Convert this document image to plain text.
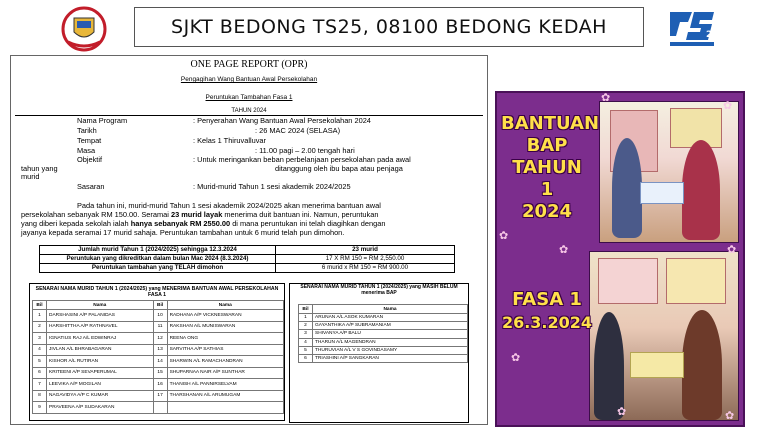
SJKT BEDONG TS25, 08100 BEDONG KEDAH	25
ONE PAGE REPORT (OPR)
Pengagihan Wang Bantuan Awal Persekolahan
Peruntukan Tambahan Fasa 1
TAHUN 2024
Nama Program	: Penyerahan Wang Bantuan Awal Persekolahan 2024
Tarikh	: 26 MAC 2024 (SELASA)
Tempat	: Kelas 1 Thiruvalluvar
Masa	: 11.00 pagi – 2.00 tengah hari
Objektif	: Untuk meringankan beban perbelanjaan persekolahan pada awal
tahun yang	ditanggung oleh ibu bapa atau penjaga
murid
Sasaran	: Murid-murid Tahun 1 sesi akademik 2024/2025
Pada tahun ini, murid-murid Tahun 1 sesi akademik 2024/2025 akan menerima bantuan awal
persekolahan sebanyak RM 150.00. Seramai 23 murid layak menerima duit bantuan ini. Namun, peruntukan
yang diberi kepada sekolah ialah hanya sebanyak RM 2550.00 di mana peruntukan ini telah diagihkan dengan
jayanya kepada seramai 17 murid sahaja. Peruntukan tambahan untuk 6 murid telah pun dimohon.
Jumlah murid Tahun 1 (2024/2025) sehingga 12.3.2024	23 murid
Peruntukan yang dikreditkan dalam bulan Mac 2024 (8.3.2024)	17 X RM 150 = RM 2,550.00
Peruntukan tambahan yang TELAH dimohon	6 murid x RM 150 = RM 900.00
SENARAI NAMA MURID TAHUN 1 (2024/2025) yang MENERIMA BANTUAN AWAL PERSEKOLAHAN FASA 1
Bil	Nama	Bil	Nama
1	DARSHASINI A/P PALANIDAS	10	RADHANA A/P VICKNESWARAN
2	HARSHITTHA A/P RATHNAVEL	11	RAKSHAN A/L MUNISWARAN
3	IGNATIUS RAJ A/L EDWINRAJ	12	REENA ONG
4	JIVLAN A/L BHRABAGARAN	13	SARVITHA A/P SATHIAS
5	KISHOR A/L RUTIRAN	14	SHARWIN A/L RAMACHANDRAN
6	KRITEENI A/P SEVAPERUMAL	15	SHUPARNAA NAIR A/P SUNTHAR
7	LEEVIKA A/P MOGILAN	16	THANISH A/L PANNIRSELVAM
8	NAGAVIDYA A/P C KUMAR	17	THARSHANAN A/L ARUMUGAM
9	PRAVEENA A/P SUDAKARAN		
SENARAI NAMA MURID TAHUN 1 (2024/2025) yang MASIH BELUM menerima BAP
Bil	Nama
1	ARUNAN A/L ASOK KUMARAN
2	GAYANTHIKA A/P SUBRAMANIAM
3	SHIVANYA A/P BALU
4	THARUN A/L MAGENDRAN
5	THURUVIAN A/L V S GOVINDASAMY
6	TRIASHINI A/P SANGKARAN
BANTUAN
BAP
TAHUN
1
2024
FASA 1
26.3.2024
✿
✿
✿
✿	✿
✿
✿	✿
